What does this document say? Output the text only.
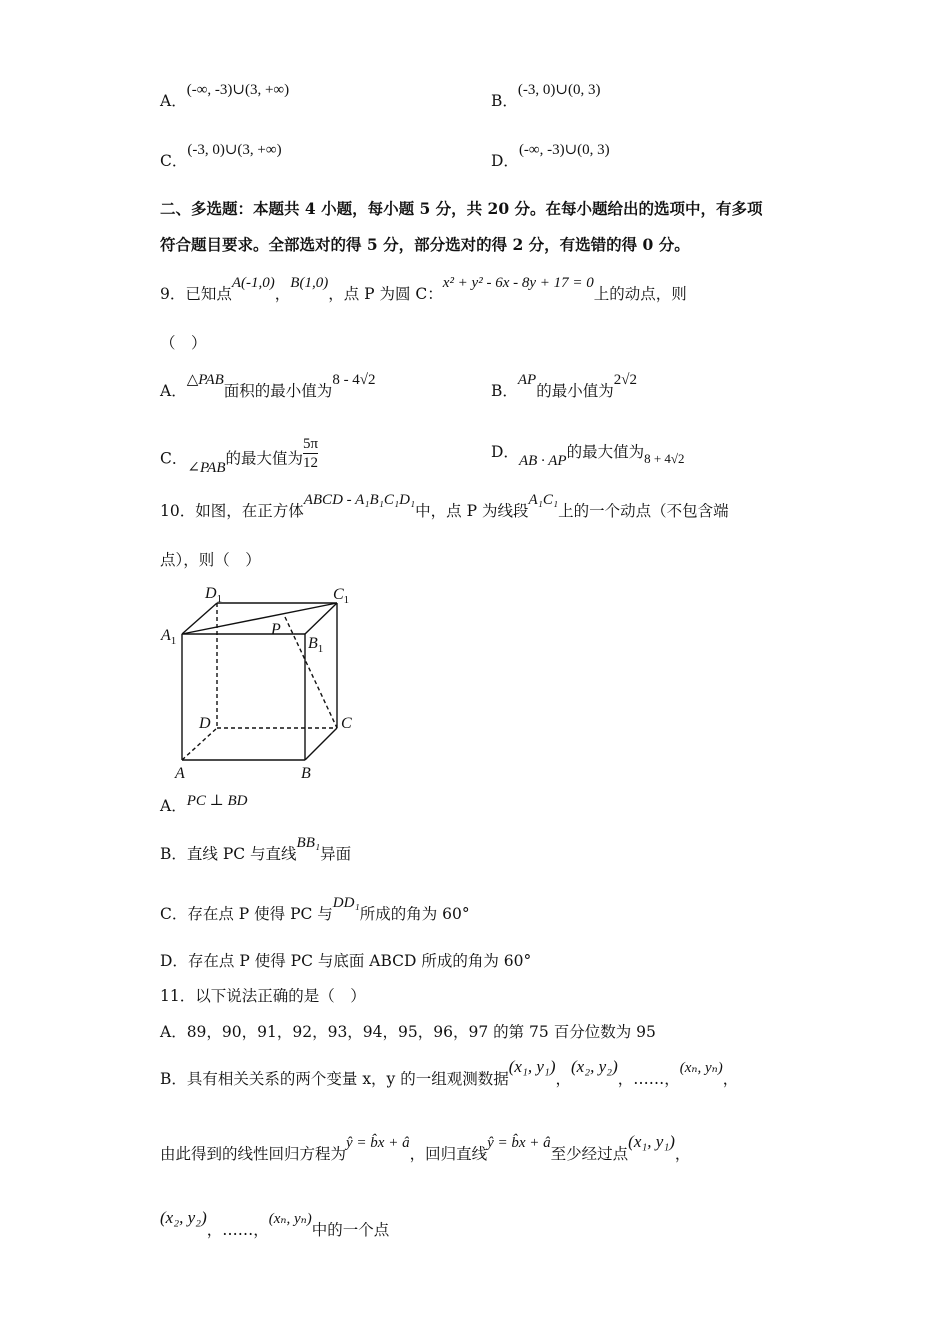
A．(-∞, -3)∪(3, +∞)
B．(-3, 0)∪(0, 3)
C．(-3, 0)∪(3, +∞)
D．(-∞, -3)∪(0, 3)
二、多选题：本题共 4 小题，每小题 5 分，共 20 分。在每小题给出的选项中，有多项
符合题目要求。全部选对的得 5 分，部分选对的得 2 分，有选错的得 0 分。
9．已知点A(-1,0)，B(1,0)，点 P 为圆 C：x² + y² - 6x - 8y + 17 = 0上的动点，则
（　）
A．△PAB面积的最小值为8 - 4√2
B．AP的最小值为2√2
C．∠PAB的最大值为 $\frac{5\pi}{12}$	D．AB · AP的最大值为$_{8 + 4√2}$
10．如图，在正方体ABCD - A₁B₁C₁D₁中，点 P 为线段A₁C₁上的一个动点（不包含端
点），则（　）
$D_1$	$C_1$
$A_1$
P
$B_1$
D	C
A	B
A．PC ⊥ BD
B．直线 PC 与直线BB₁异面
C．存在点 P 使得 PC 与DD₁所成的角为 60°
D．存在点 P 使得 PC 与底面 ABCD 所成的角为 60°
11．以下说法正确的是（　）
A．89，90，91，92，93，94，95，96，97 的第 75 百分位数为 95
B．具有相关关系的两个变量 x，y 的一组观测数据(x₁, y₁)，(x₂, y₂)，……，(xₙ, yₙ)，
由此得到的线性回归方程为ŷ = b̂x + â，回归直线ŷ = b̂x + â至少经过点(x₁, y₁)，
(x₂, y₂)，……，(xₙ, yₙ)中的一个点
